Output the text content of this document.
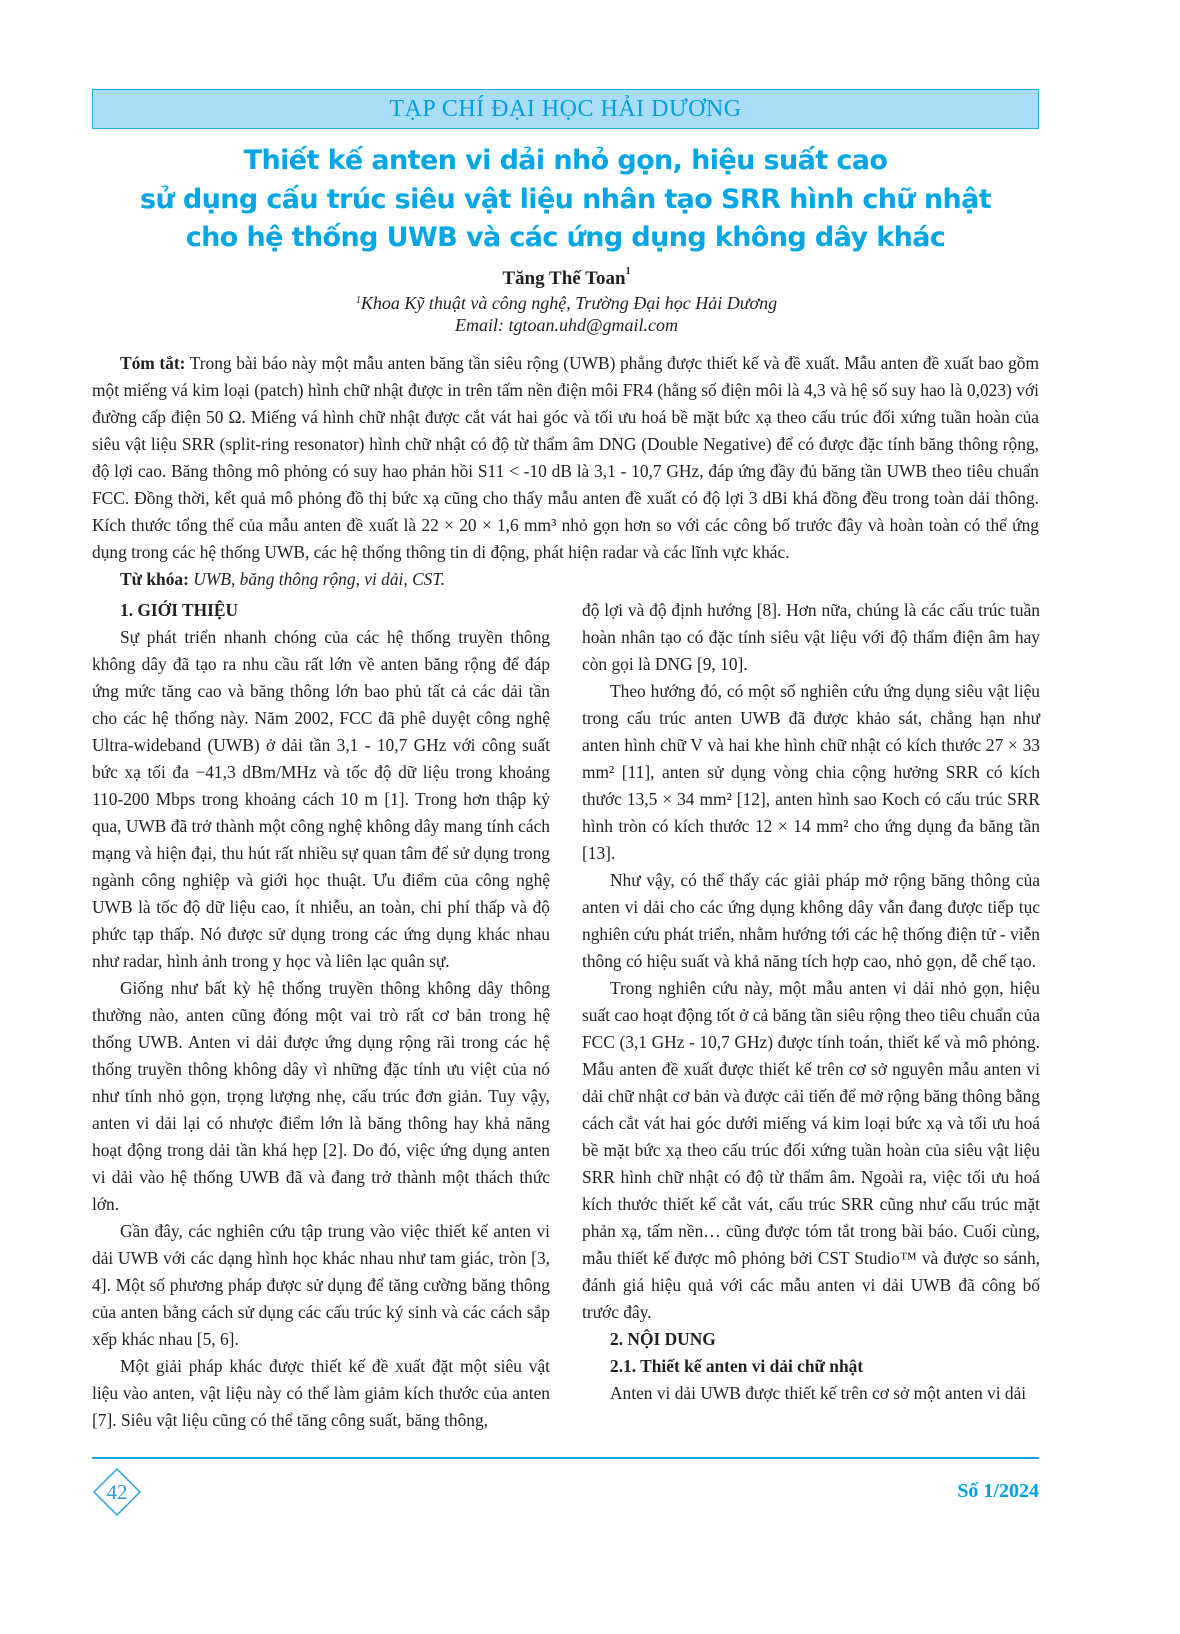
TẠP CHÍ ĐẠI HỌC HẢI DƯƠNG
Thiết kế anten vi dải nhỏ gọn, hiệu suất cao
sử dụng cấu trúc siêu vật liệu nhân tạo SRR hình chữ nhật
cho hệ thống UWB và các ứng dụng không dây khác
Tăng Thế Toan$^1$
$^1$Khoa Kỹ thuật và công nghệ, Trường Đại học Hải Dương
Email: tgtoan.uhd@gmail.com

Tóm tắt: Trong bài báo này một mẫu anten băng tần siêu rộng (UWB) phẳng được thiết kế và đề xuất. Mẫu anten đề xuất bao gồm một miếng vá kim loại (patch) hình chữ nhật được in trên tấm nền điện môi FR4 (hằng số điện môi là 4,3 và hệ số suy hao là 0,023) với đường cấp điện 50 Ω. Miếng vá hình chữ nhật được cắt vát hai góc và tối ưu hoá bề mặt bức xạ theo cấu trúc đối xứng tuần hoàn của siêu vật liệu SRR (split-ring resonator) hình chữ nhật có độ từ thẩm âm DNG (Double Negative) để có được đặc tính băng thông rộng, độ lợi cao. Băng thông mô phỏng có suy hao phản hồi S11 < -10 dB là 3,1 - 10,7 GHz, đáp ứng đầy đủ băng tần UWB theo tiêu chuẩn FCC. Đồng thời, kết quả mô phỏng đồ thị bức xạ cũng cho thấy mẫu anten đề xuất có độ lợi 3 dBi khá đồng đều trong toàn dải thông. Kích thước tổng thể của mẫu anten đề xuất là 22 × 20 × 1,6 mm³ nhỏ gọn hơn so với các công bố trước đây và hoàn toàn có thể ứng dụng trong các hệ thống UWB, các hệ thống thông tin di động, phát hiện radar và các lĩnh vực khác.

Từ khóa: UWB, băng thông rộng, vi dải, CST.

1. GIỚI THIỆU

Sự phát triển nhanh chóng của các hệ thống truyền thông không dây đã tạo ra nhu cầu rất lớn về anten băng rộng để đáp ứng mức tăng cao và băng thông lớn bao phủ tất cả các dải tần cho các hệ thống này. Năm 2002, FCC đã phê duyệt công nghệ Ultra-wideband (UWB) ở dải tần 3,1 - 10,7 GHz với công suất bức xạ tối đa −41,3 dBm/MHz và tốc độ dữ liệu trong khoảng 110-200 Mbps trong khoảng cách 10 m [1]. Trong hơn thập kỷ qua, UWB đã trở thành một công nghệ không dây mang tính cách mạng và hiện đại, thu hút rất nhiều sự quan tâm để sử dụng trong ngành công nghiệp và giới học thuật. Ưu điểm của công nghệ UWB là tốc độ dữ liệu cao, ít nhiễu, an toàn, chi phí thấp và độ phức tạp thấp. Nó được sử dụng trong các ứng dụng khác nhau như radar, hình ảnh trong y học và liên lạc quân sự.

Giống như bất kỳ hệ thống truyền thông không dây thông thường nào, anten cũng đóng một vai trò rất cơ bản trong hệ thống UWB. Anten vi dải được ứng dụng rộng rãi trong các hệ thống truyền thông không dây vì những đặc tính ưu việt của nó như tính nhỏ gọn, trọng lượng nhẹ, cấu trúc đơn giản. Tuy vậy, anten vi dải lại có nhược điểm lớn là băng thông hay khả năng hoạt động trong dải tần khá hẹp [2]. Do đó, việc ứng dụng anten vi dải vào hệ thống UWB đã và đang trở thành một thách thức lớn.

Gần đây, các nghiên cứu tập trung vào việc thiết kế anten vi dải UWB với các dạng hình học khác nhau như tam giác, tròn [3, 4]. Một số phương pháp được sử dụng để tăng cường băng thông của anten bằng cách sử dụng các cấu trúc ký sinh và các cách sắp xếp khác nhau [5, 6].

Một giải pháp khác được thiết kế đề xuất đặt một siêu vật liệu vào anten, vật liệu này có thể làm giảm kích thước của anten [7]. Siêu vật liệu cũng có thể tăng công suất, băng thông,

độ lợi và độ định hướng [8]. Hơn nữa, chúng là các cấu trúc tuần hoàn nhân tạo có đặc tính siêu vật liệu với độ thẩm điện âm hay còn gọi là DNG [9, 10].

Theo hướng đó, có một số nghiên cứu ứng dụng siêu vật liệu trong cấu trúc anten UWB đã được khảo sát, chẳng hạn như anten hình chữ V và hai khe hình chữ nhật có kích thước 27 × 33 mm² [11], anten sử dụng vòng chia cộng hưởng SRR có kích thước 13,5 × 34 mm² [12], anten hình sao Koch có cấu trúc SRR hình tròn có kích thước 12 × 14 mm² cho ứng dụng đa băng tần [13].

Như vậy, có thể thấy các giải pháp mở rộng băng thông của anten vi dải cho các ứng dụng không dây vẫn đang được tiếp tục nghiên cứu phát triển, nhằm hướng tới các hệ thống điện tử - viễn thông có hiệu suất và khả năng tích hợp cao, nhỏ gọn, dễ chế tạo.

Trong nghiên cứu này, một mẫu anten vi dải nhỏ gọn, hiệu suất cao hoạt động tốt ở cả băng tần siêu rộng theo tiêu chuẩn của FCC (3,1 GHz - 10,7 GHz) được tính toán, thiết kế và mô phỏng. Mẫu anten đề xuất được thiết kế trên cơ sở nguyên mẫu anten vi dải chữ nhật cơ bản và được cải tiến để mở rộng băng thông bằng cách cắt vát hai góc dưới miếng vá kim loại bức xạ và tối ưu hoá bề mặt bức xạ theo cấu trúc đối xứng tuần hoàn của siêu vật liệu SRR hình chữ nhật có độ từ thẩm âm. Ngoài ra, việc tối ưu hoá kích thước thiết kế cắt vát, cấu trúc SRR cũng như cấu trúc mặt phản xạ, tấm nền… cũng được tóm tắt trong bài báo. Cuối cùng, mẫu thiết kế được mô phỏng bởi CST Studio™ và được so sánh, đánh giá hiệu quả với các mẫu anten vi dải UWB đã công bố trước đây.

2. NỘI DUNG
2.1. Thiết kế anten vi dải chữ nhật

Anten vi dải UWB được thiết kế trên cơ sở một anten vi dải

42	Số 1/2024
